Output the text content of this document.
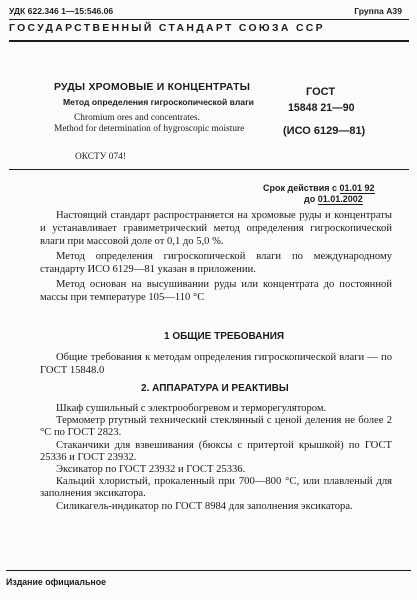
УДК 622.346 1—15:546.06	Группа А39
ГОСУДАРСТВЕННЫЙ СТАНДАРТ СОЮЗА ССР
РУДЫ ХРОМОВЫЕ И КОНЦЕНТРАТЫ
Метод определения гигроскопической влаги
Chromium ores and concentrates.
Method for determination of hygroscopic moisture
ГОСТ
15848 21—90
(ИСО 6129—81)
ОКСТУ 074!
Срок действия с 01.01 92
до 01.01.2002

Настоящий стандарт распространяется на хромовые руды и концентраты и устанавливает гравиметрический метод определения гигроскопической влаги при массовой доле от 0,1 до 5,0 %.

Метод определения гигроскопической влаги по международному стандарту ИСО 6129—81 указан в приложении.

Метод основан на высушивании руды или концентрата до постоянной массы при температуре 105—110 °С

1 ОБЩИЕ ТРЕБОВАНИЯ

Общие требования к методам определения гигроскопической влаги — по ГОСТ 15848.0

2. АППАРАТУРА И РЕАКТИВЫ

Шкаф сушильный с электрообогревом и терморегулятором.

Термометр ртутный технический стеклянный с ценой деления не более 2 °С по ГОСТ 2823.

Стаканчики для взвешивания (бюксы с притертой крышкой) по ГОСТ 25336 и ГОСТ 23932.

Эксикатор по ГОСТ 23932 и ГОСТ 25336.

Кальций хлористый, прокаленный при 700—800 °С, или плавленый для заполнения эксикатора.

Силикагель-индикатор по ГОСТ 8984 для заполнения эксикатора.

Издание официальное
